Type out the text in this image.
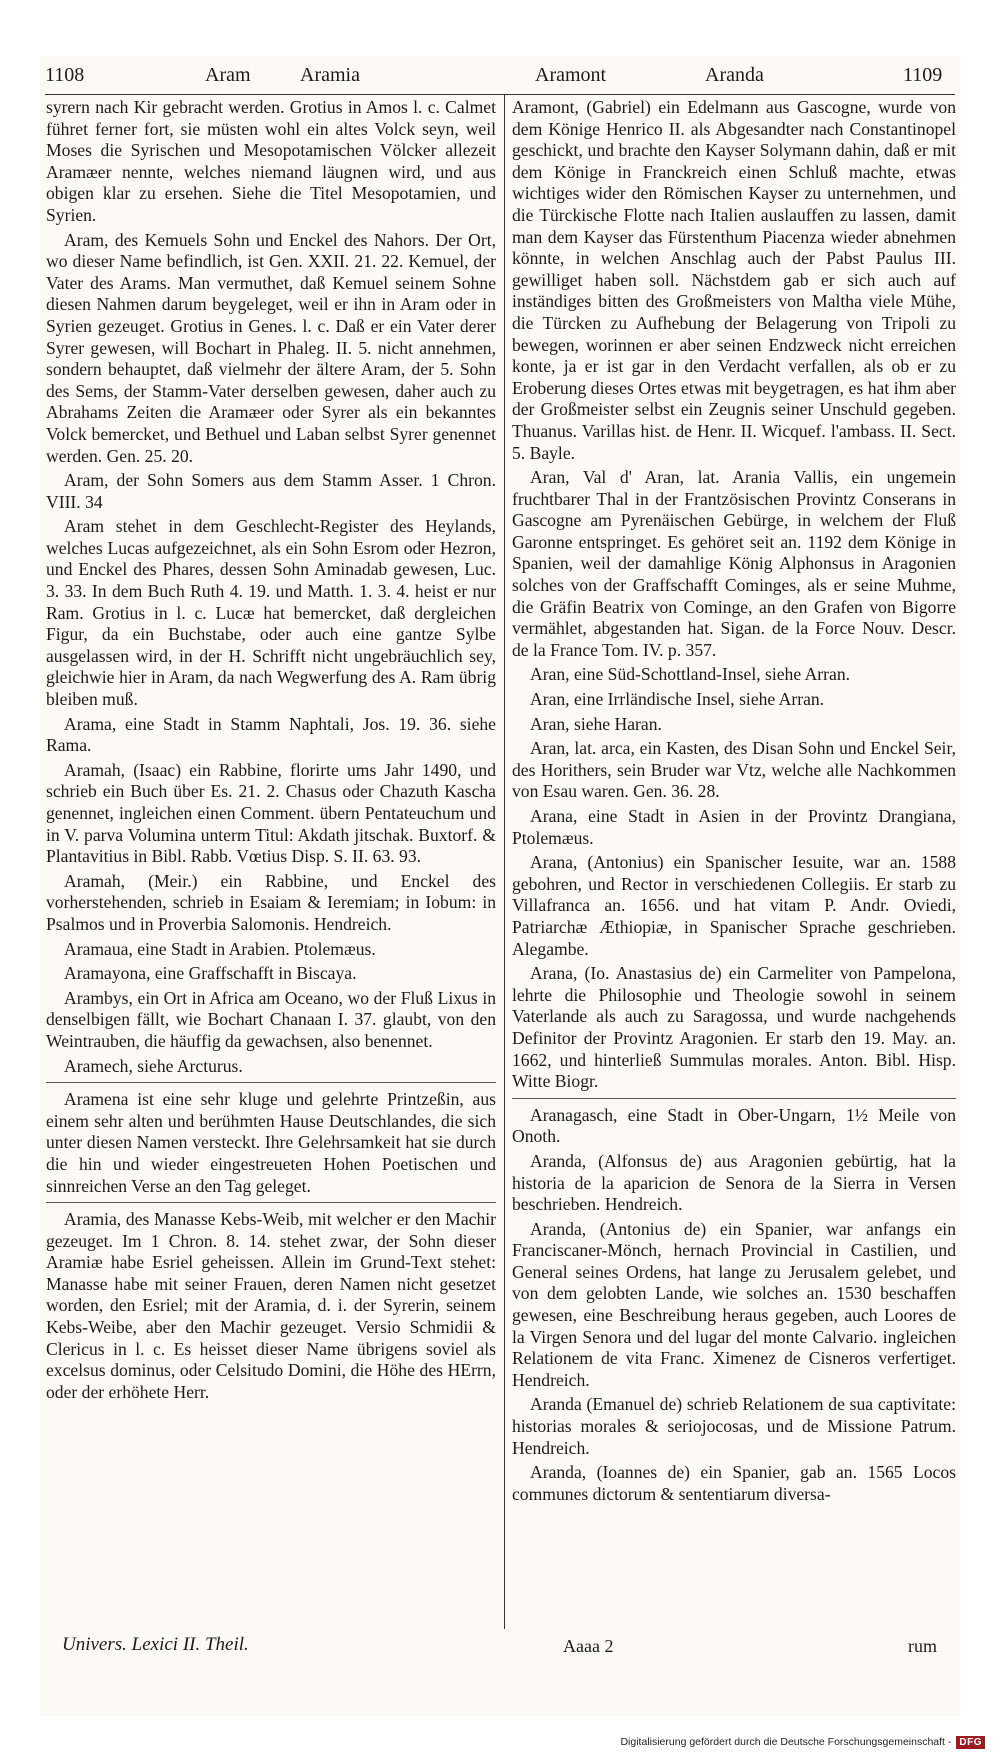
1108	Aram Aramia	Aramont	Aranda	1109

syrern nach Kir gebracht werden. Grotius in Amos l. c. Calmet führet ferner fort, sie müsten wohl ein altes Volck seyn, weil Moses die Syrischen und Mesopotamischen Völcker allezeit Aramæer nennte, welches niemand läugnen wird, und aus obigen klar zu ersehen. Siehe die Titel Mesopotamien, und Syrien.

Aram, des Kemuels Sohn und Enckel des Nahors. Der Ort, wo dieser Name befindlich, ist Gen. XXII. 21. 22. Kemuel, der Vater des Arams. Man vermuthet, daß Kemuel seinem Sohne diesen Nahmen darum beygeleget, weil er ihn in Aram oder in Syrien gezeuget. Grotius in Genes. l. c. Daß er ein Vater derer Syrer gewesen, will Bochart in Phaleg. II. 5. nicht annehmen, sondern behauptet, daß vielmehr der ältere Aram, der 5. Sohn des Sems, der Stamm-Vater derselben gewesen, daher auch zu Abrahams Zeiten die Aramæer oder Syrer als ein bekanntes Volck bemercket, und Bethuel und Laban selbst Syrer genennet werden. Gen. 25. 20.

Aram, der Sohn Somers aus dem Stamm Asser. 1 Chron. VIII. 34

Aram stehet in dem Geschlecht-Register des Heylands, welches Lucas aufgezeichnet, als ein Sohn Esrom oder Hezron, und Enckel des Phares, dessen Sohn Aminadab gewesen, Luc. 3. 33. In dem Buch Ruth 4. 19. und Matth. 1. 3. 4. heist er nur Ram. Grotius in l. c. Lucæ hat bemercket, daß dergleichen Figur, da ein Buchstabe, oder auch eine gantze Sylbe ausgelassen wird, in der H. Schrifft nicht ungebräuchlich sey, gleichwie hier in Aram, da nach Wegwerfung des A. Ram übrig bleiben muß.

Arama, eine Stadt in Stamm Naphtali, Jos. 19. 36. siehe Rama.

Aramah, (Isaac) ein Rabbine, florirte ums Jahr 1490, und schrieb ein Buch über Es. 21. 2. Chasus oder Chazuth Kascha genennet, ingleichen einen Comment. übern Pentateuchum und in V. parva Volumina unterm Titul: Akdath jitschak. Buxtorf. & Plantavitius in Bibl. Rabb. Vœtius Disp. S. II. 63. 93.

Aramah, (Meir.) ein Rabbine, und Enckel des vorherstehenden, schrieb in Esaiam & Ieremiam; in Iobum: in Psalmos und in Proverbia Salomonis. Hendreich.

Aramaua, eine Stadt in Arabien. Ptolemæus.

Aramayona, eine Graffschafft in Biscaya.

Arambys, ein Ort in Africa am Oceano, wo der Fluß Lixus in denselbigen fällt, wie Bochart Chanaan I. 37. glaubt, von den Weintrauben, die häuffig da gewachsen, also benennet.

Aramech, siehe Arcturus.

Aramena ist eine sehr kluge und gelehrte Printzeßin, aus einem sehr alten und berühmten Hause Deutschlandes, die sich unter diesen Namen versteckt. Ihre Gelehrsamkeit hat sie durch die hin und wieder eingestreueten Hohen Poetischen und sinnreichen Verse an den Tag geleget.

Aramia, des Manasse Kebs-Weib, mit welcher er den Machir gezeuget. Im 1 Chron. 8. 14. stehet zwar, der Sohn dieser Aramiæ habe Esriel geheissen. Allein im Grund-Text stehet: Manasse habe mit seiner Frauen, deren Namen nicht gesetzet worden, den Esriel; mit der Aramia, d. i. der Syrerin, seinem Kebs-Weibe, aber den Machir gezeuget. Versio Schmidii & Clericus in l. c. Es heisset dieser Name übrigens soviel als excelsus dominus, oder Celsitudo Domini, die Höhe des HErrn, oder der erhöhete Herr.

Aramont, (Gabriel) ein Edelmann aus Gascogne, wurde von dem Könige Henrico II. als Abgesandter nach Constantinopel geschickt, und brachte den Kayser Solymann dahin, daß er mit dem Könige in Franckreich einen Schluß machte, etwas wichtiges wider den Römischen Kayser zu unternehmen, und die Türckische Flotte nach Italien auslauffen zu lassen, damit man dem Kayser das Fürstenthum Piacenza wieder abnehmen könnte, in welchen Anschlag auch der Pabst Paulus III. gewilliget haben soll. Nächstdem gab er sich auch auf inständiges bitten des Großmeisters von Maltha viele Mühe, die Türcken zu Aufhebung der Belagerung von Tripoli zu bewegen, worinnen er aber seinen Endzweck nicht erreichen konte, ja er ist gar in den Verdacht verfallen, als ob er zu Eroberung dieses Ortes etwas mit beygetragen, es hat ihm aber der Großmeister selbst ein Zeugnis seiner Unschuld gegeben. Thuanus. Varillas hist. de Henr. II. Wicquef. l'ambass. II. Sect. 5. Bayle.

Aran, Val d' Aran, lat. Arania Vallis, ein ungemein fruchtbarer Thal in der Frantzösischen Provintz Conserans in Gascogne am Pyrenäischen Gebürge, in welchem der Fluß Garonne entspringet. Es gehöret seit an. 1192 dem Könige in Spanien, weil der damahlige König Alphonsus in Aragonien solches von der Graffschafft Cominges, als er seine Muhme, die Gräfin Beatrix von Cominge, an den Grafen von Bigorre vermählet, abgestanden hat. Sigan. de la Force Nouv. Descr. de la France Tom. IV. p. 357.

Aran, eine Süd-Schottland-Insel, siehe Arran.

Aran, eine Irrländische Insel, siehe Arran.

Aran, siehe Haran.

Aran, lat. arca, ein Kasten, des Disan Sohn und Enckel Seir, des Horithers, sein Bruder war Vtz, welche alle Nachkommen von Esau waren. Gen. 36. 28.

Arana, eine Stadt in Asien in der Provintz Drangiana, Ptolemæus.

Arana, (Antonius) ein Spanischer Iesuite, war an. 1588 gebohren, und Rector in verschiedenen Collegiis. Er starb zu Villafranca an. 1656. und hat vitam P. Andr. Oviedi, Patriarchæ Æthiopiæ, in Spanischer Sprache geschrieben. Alegambe.

Arana, (Io. Anastasius de) ein Carmeliter von Pampelona, lehrte die Philosophie und Theologie sowohl in seinem Vaterlande als auch zu Saragossa, und wurde nachgehends Definitor der Provintz Aragonien. Er starb den 19. May. an. 1662, und hinterließ Summulas morales. Anton. Bibl. Hisp. Witte Biogr.

Aranagasch, eine Stadt in Ober-Ungarn, 1½ Meile von Onoth.

Aranda, (Alfonsus de) aus Aragonien gebürtig, hat la historia de la aparicion de Senora de la Sierra in Versen beschrieben. Hendreich.

Aranda, (Antonius de) ein Spanier, war anfangs ein Franciscaner-Mönch, hernach Provincial in Castilien, und General seines Ordens, hat lange zu Jerusalem gelebet, und von dem gelobten Lande, wie solches an. 1530 beschaffen gewesen, eine Beschreibung heraus gegeben, auch Loores de la Virgen Senora und del lugar del monte Calvario. ingleichen Relationem de vita Franc. Ximenez de Cisneros verfertiget. Hendreich.

Aranda (Emanuel de) schrieb Relationem de sua captivitate: historias morales & seriojocosas, und de Missione Patrum. Hendreich.

Aranda, (Ioannes de) ein Spanier, gab an. 1565 Locos communes dictorum & sententiarum diversa-

Univers. Lexici II. Theil.	Aaaa 2	rum
Digitalisierung gefördert durch die Deutsche Forschungsgemeinschaft - DFG
